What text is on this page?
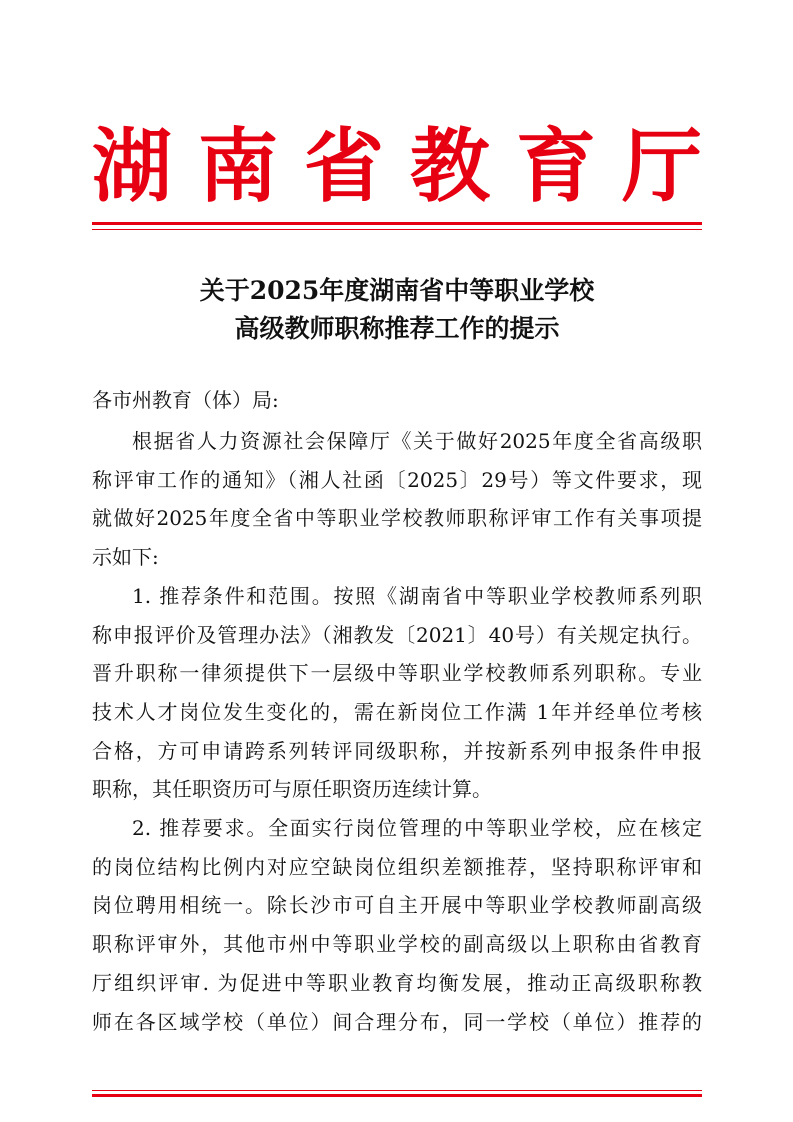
湖 南 省 教 育 厅
关于2025年度湖南省中等职业学校
高级教师职称推荐工作的提示

各市州教育（体）局:

根据省人力资源社会保障厅《关于做好2025年度全省高级职
称评审工作的通知》（湘人社函〔2025〕29号）等文件要求，现
就做好2025年度全省中等职业学校教师职称评审工作有关事项提
示如下:

1. 推荐条件和范围。按照《湖南省中等职业学校教师系列职
称申报评价及管理办法》（湘教发〔2021〕40号）有关规定执行。
晋升职称一律须提供下一层级中等职业学校教师系列职称。专业
技术人才岗位发生变化的，需在新岗位工作满 1年并经单位考核
合格，方可申请跨系列转评同级职称，并按新系列申报条件申报
职称，其任职资历可与原任职资历连续计算。

2. 推荐要求。全面实行岗位管理的中等职业学校，应在核定
的岗位结构比例内对应空缺岗位组织差额推荐，坚持职称评审和
岗位聘用相统一。除长沙市可自主开展中等职业学校教师副高级
职称评审外，其他市州中等职业学校的副高级以上职称由省教育
厅组织评审. 为促进中等职业教育均衡发展，推动正高级职称教
师在各区域学校（单位）间合理分布，同一学校（单位）推荐的
